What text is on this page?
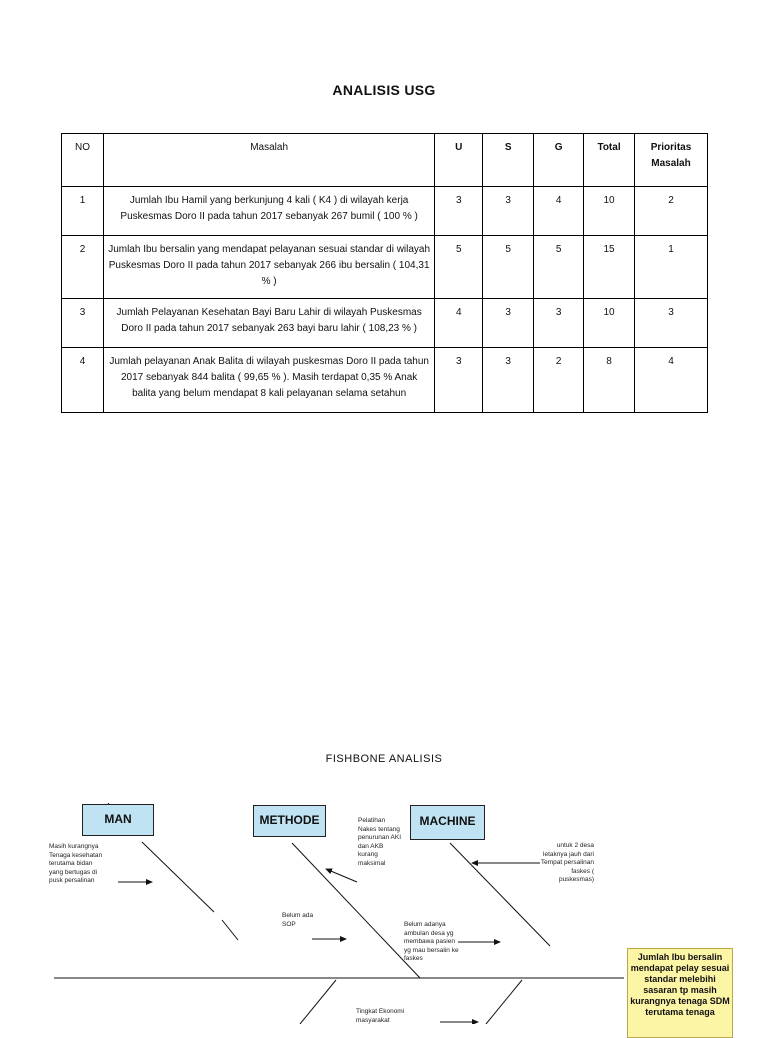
ANALISIS USG
NO	Masalah	U	S	G	Total	Prioritas Masalah
1	Jumlah Ibu Hamil yang berkunjung 4 kali ( K4 ) di wilayah kerja Puskesmas Doro II pada tahun 2017 sebanyak 267 bumil ( 100 % )	3	3	4	10	2
2	Jumlah Ibu bersalin yang mendapat pelayanan sesuai standar di wilayah Puskesmas Doro II pada tahun 2017 sebanyak 266 ibu bersalin ( 104,31 % )	5	5	5	15	1
3	Jumlah Pelayanan Kesehatan Bayi Baru Lahir di wilayah Puskesmas Doro II pada tahun 2017 sebanyak 263 bayi baru lahir ( 108,23 % )	4	3	3	10	3
4	Jumlah pelayanan Anak Balita di wilayah puskesmas Doro II pada tahun 2017 sebanyak 844 balita ( 99,65 % ). Masih terdapat 0,35 % Anak balita yang belum mendapat 8 kali pelayanan selama setahun	3	3	2	8	4
FISHBONE ANALISIS
MAN	METHODE	MACHINE
Masih kurangnya Tenaga kesehatan terutama bidan yang bertugas di pusk persalinan
Pelatihan Nakes tentang penurunan AKI dan AKB kurang maksimal
Belum ada SOP
untuk 2 desa letaknya jauh dari Tempat persalinan faskes ( puskesmas)
Belum adanya ambulan desa yg membawa pasien yg mau bersalin ke faskes
Tingkat Ekonomi masyarakat
Jumlah Ibu bersalin mendapat pelay sesuai standar melebihi sasaran tp masih kurangnya tenaga SDM terutama tenaga
